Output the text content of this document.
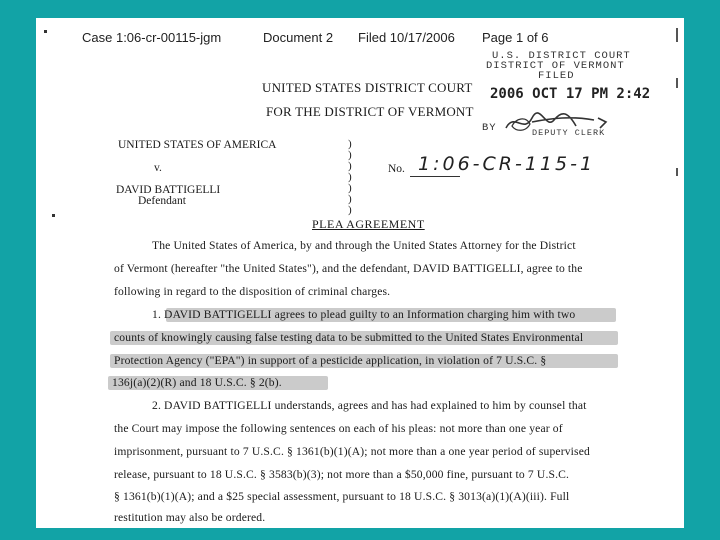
Case 1:06-cr-00115-jgm	Document 2 Filed 10/17/2006 Page 1 of 6
UNITED STATES DISTRICT COURT
FOR THE DISTRICT OF VERMONT
U.S. DISTRICT COURT
DISTRICT OF VERMONT
FILED
2006 OCT 17 PM 2:42
BY	DEPUTY CLERK
UNITED STATES OF AMERICA
v.
DAVID BATTIGELLI
Defendant
)
)
)
)
)
)
)
No. 1:06-CR-115-1
PLEA AGREEMENT
The United States of America, by and through the United States Attorney for the District
of Vermont (hereafter "the United States"), and the defendant, DAVID BATTIGELLI, agree to the
following in regard to the disposition of criminal charges.
1. DAVID BATTIGELLI agrees to plead guilty to an Information charging him with two
counts of knowingly causing false testing data to be submitted to the United States Environmental
Protection Agency ("EPA") in support of a pesticide application, in violation of 7 U.S.C. §
136j(a)(2)(R) and 18 U.S.C. § 2(b).
2. DAVID BATTIGELLI understands, agrees and has had explained to him by counsel that
the Court may impose the following sentences on each of his pleas: not more than one year of
imprisonment, pursuant to 7 U.S.C. § 1361(b)(1)(A); not more than a one year period of supervised
release, pursuant to 18 U.S.C. § 3583(b)(3); not more than a $50,000 fine, pursuant to 7 U.S.C.
§ 1361(b)(1)(A); and a $25 special assessment, pursuant to 18 U.S.C. § 3013(a)(1)(A)(iii). Full
restitution may also be ordered.
